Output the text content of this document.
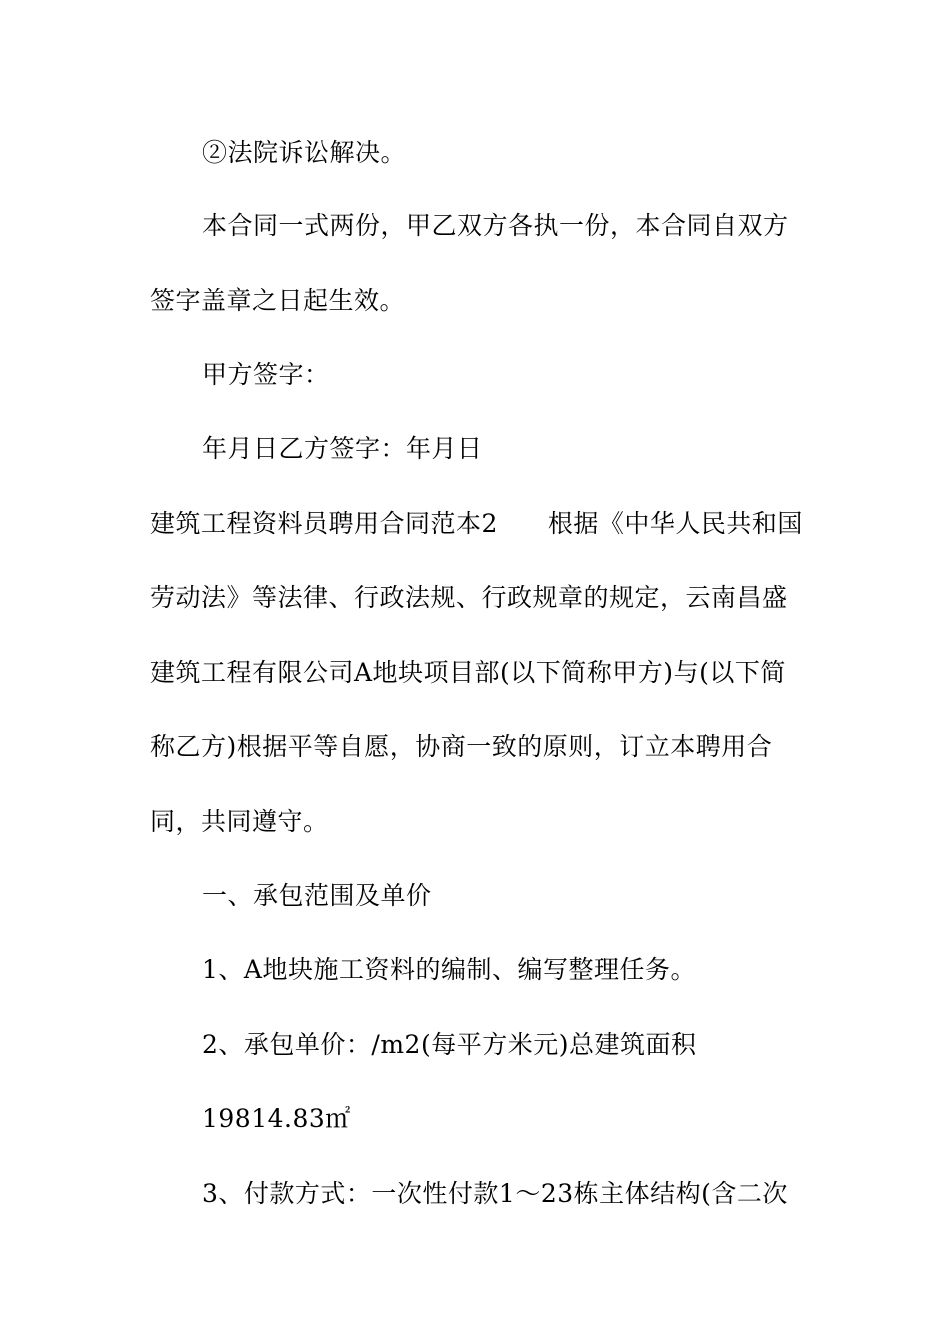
②法院诉讼解决。
本合同一式两份，甲乙双方各执一份，本合同自双方
签字盖章之日起生效。
甲方签字：
年月日乙方签字：年月日
建筑工程资料员聘用合同范本2 根据《中华人民共和国
劳动法》等法律、行政法规、行政规章的规定，云南昌盛
建筑工程有限公司A地块项目部(以下简称甲方)与(以下简
称乙方)根据平等自愿，协商一致的原则，订立本聘用合
同，共同遵守。
一、承包范围及单价
1、A地块施工资料的编制、编写整理任务。
2、承包单价：/m2(每平方米元)总建筑面积
19814.83㎡
3、付款方式：一次性付款1～23栋主体结构(含二次
